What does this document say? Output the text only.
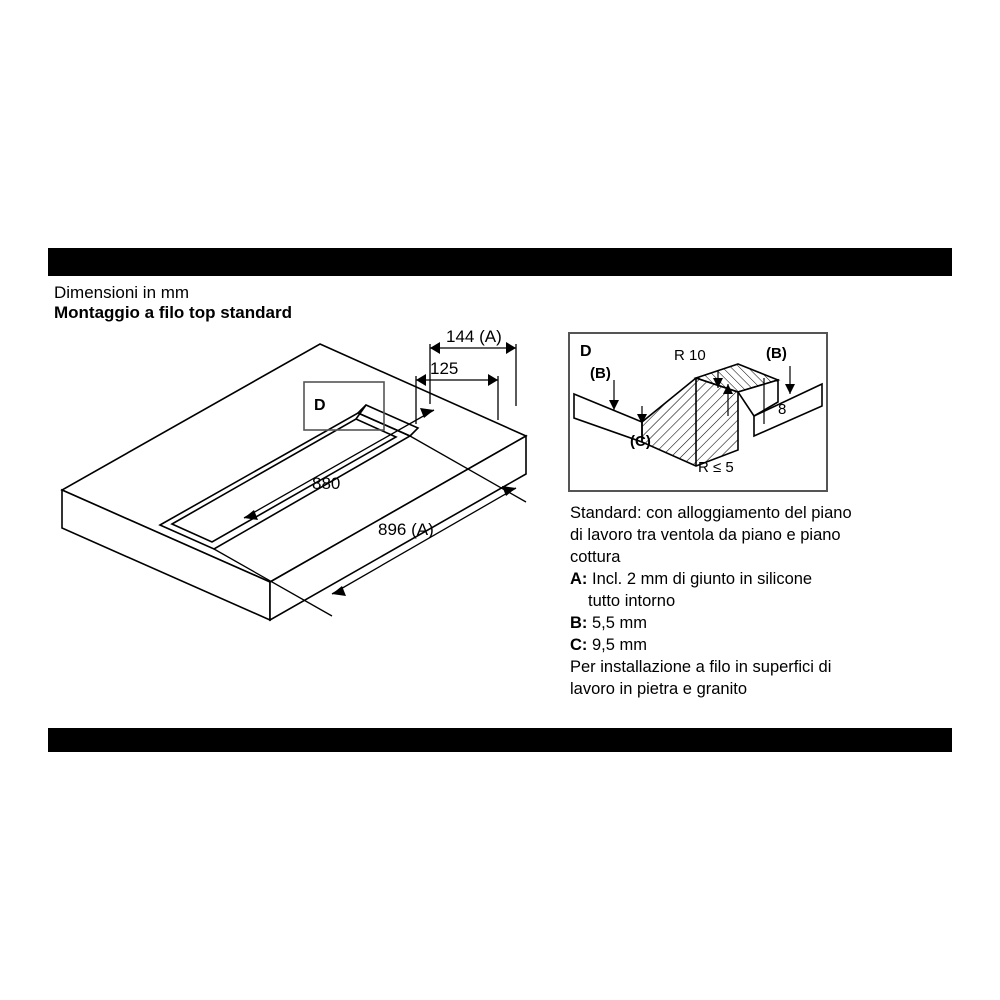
Dimensioni in mm
Montaggio a filo top standard
D
144 (A)
125
880
896 (A)
D
(B)
(B)
R 10
8
(C)
R ≤ 5
Standard: con alloggiamento del piano
di lavoro tra ventola da piano e piano
cottura
A: Incl. 2 mm di giunto in silicone
tutto intorno
B: 5,5 mm
C: 9,5 mm
Per installazione a filo in superfici di
lavoro in pietra e granito
